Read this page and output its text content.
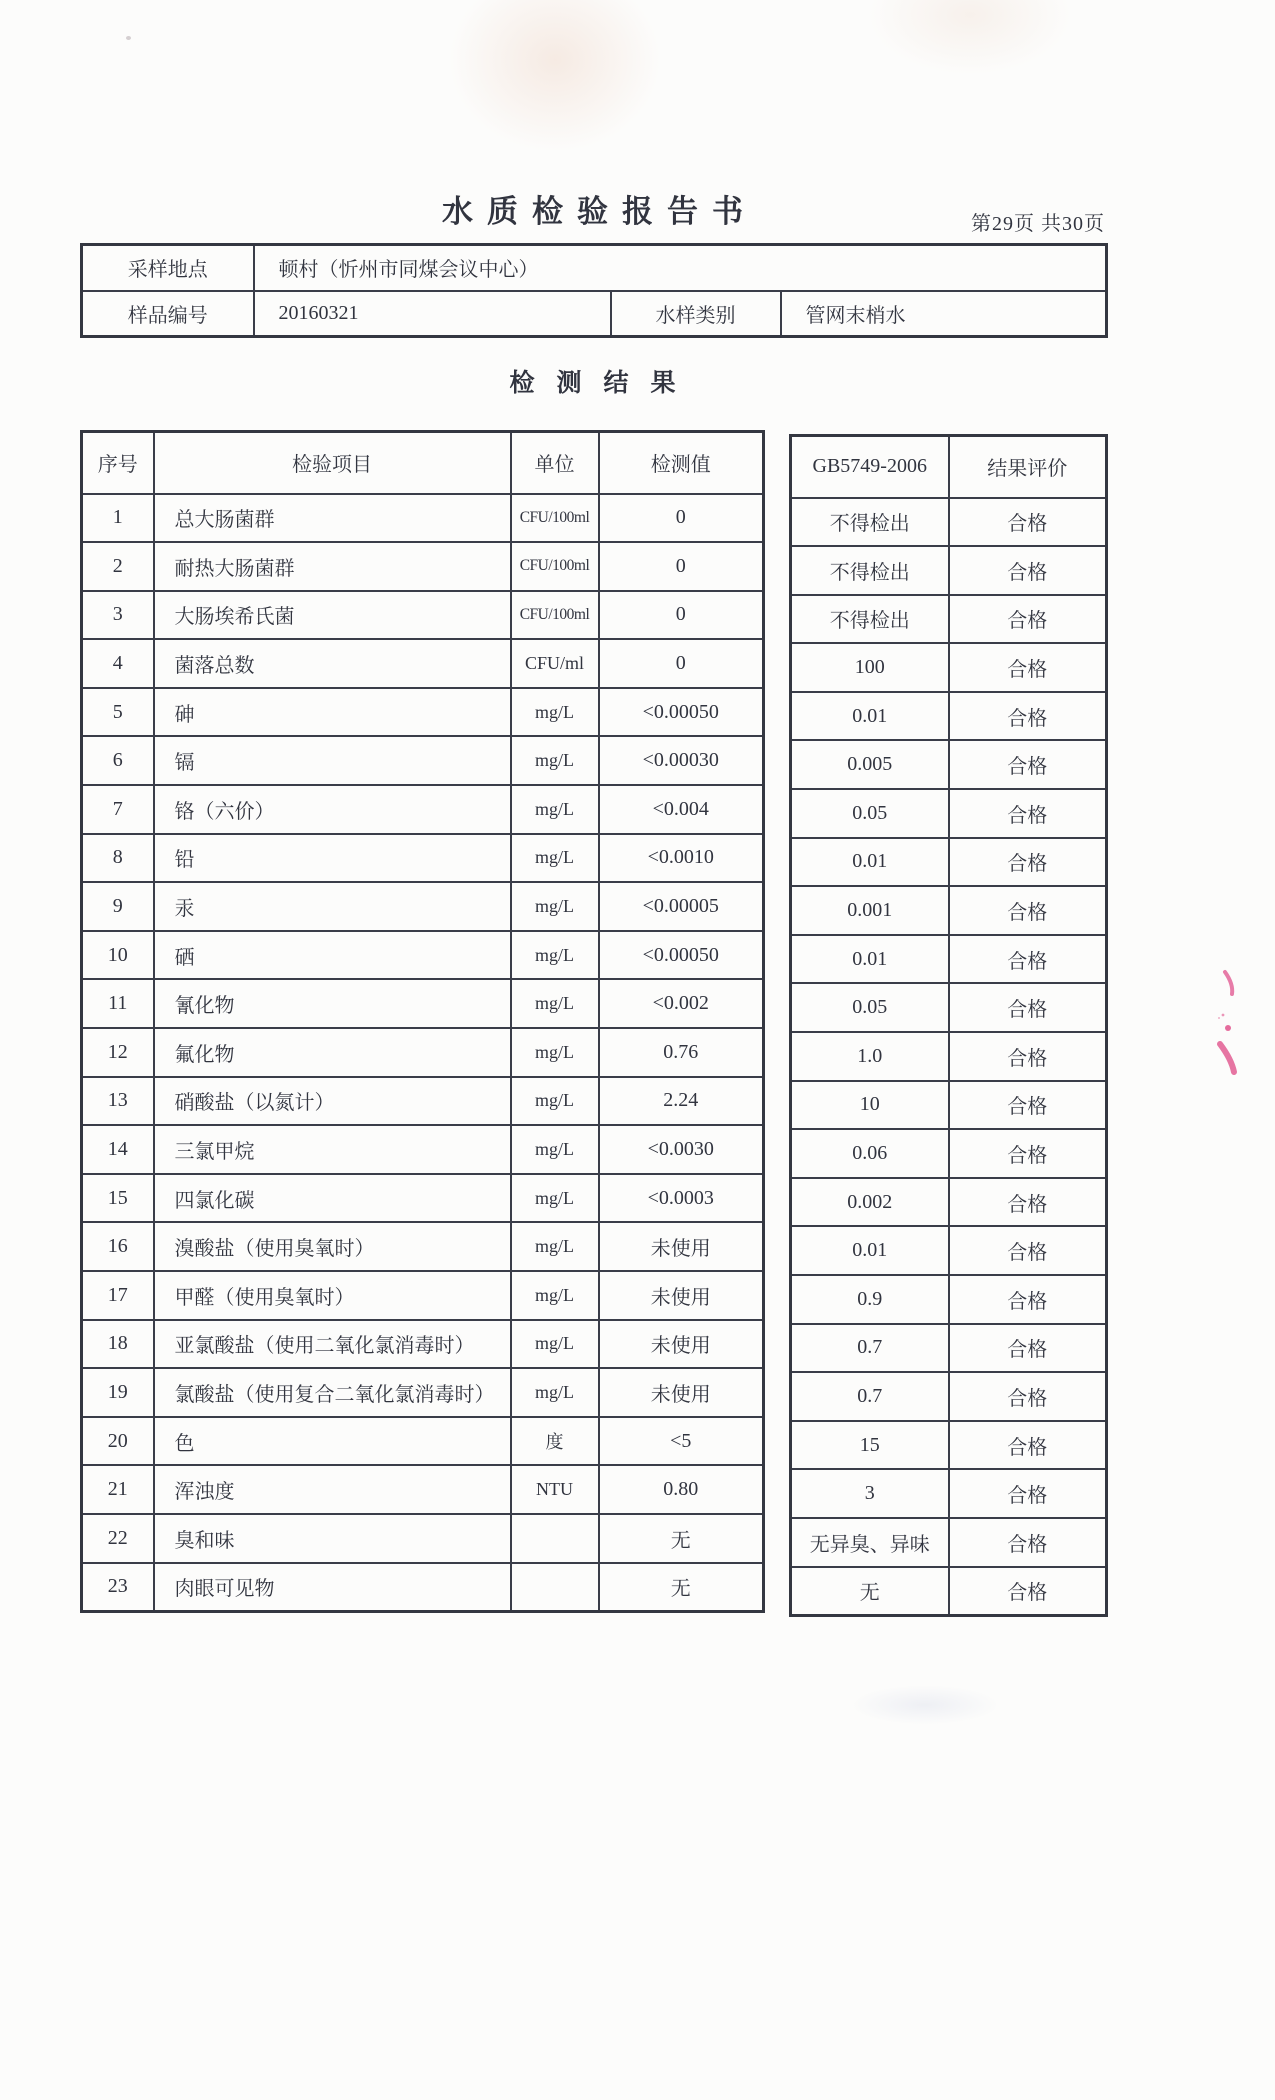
水质检验报告书	第29页 共30页
采样地点	顿村（忻州市同煤会议中心）		
样品编号	20160321	水样类别	管网末梢水
检测结果
序号	检验项目	单位	检测值
1	总大肠菌群	CFU/100ml	0
2	耐热大肠菌群	CFU/100ml	0
3	大肠埃希氏菌	CFU/100ml	0
4	菌落总数	CFU/ml	0
5	砷	mg/L	<0.00050
6	镉	mg/L	<0.00030
7	铬（六价）	mg/L	<0.004
8	铅	mg/L	<0.0010
9	汞	mg/L	<0.00005
10	硒	mg/L	<0.00050
11	氰化物	mg/L	<0.002
12	氟化物	mg/L	0.76
13	硝酸盐（以氮计）	mg/L	2.24
14	三氯甲烷	mg/L	<0.0030
15	四氯化碳	mg/L	<0.0003
16	溴酸盐（使用臭氧时）	mg/L	未使用
17	甲醛（使用臭氧时）	mg/L	未使用
18	亚氯酸盐（使用二氧化氯消毒时）	mg/L	未使用
19	氯酸盐（使用复合二氧化氯消毒时）	mg/L	未使用
20	色	度	<5
21	浑浊度	NTU	0.80
22	臭和味		无
23	肉眼可见物		无
GB5749-2006	结果评价
不得检出	合格
不得检出	合格
不得检出	合格
100	合格
0.01	合格
0.005	合格
0.05	合格
0.01	合格
0.001	合格
0.01	合格
0.05	合格
1.0	合格
10	合格
0.06	合格
0.002	合格
0.01	合格
0.9	合格
0.7	合格
0.7	合格
15	合格
3	合格
无异臭、异味	合格
无	合格
